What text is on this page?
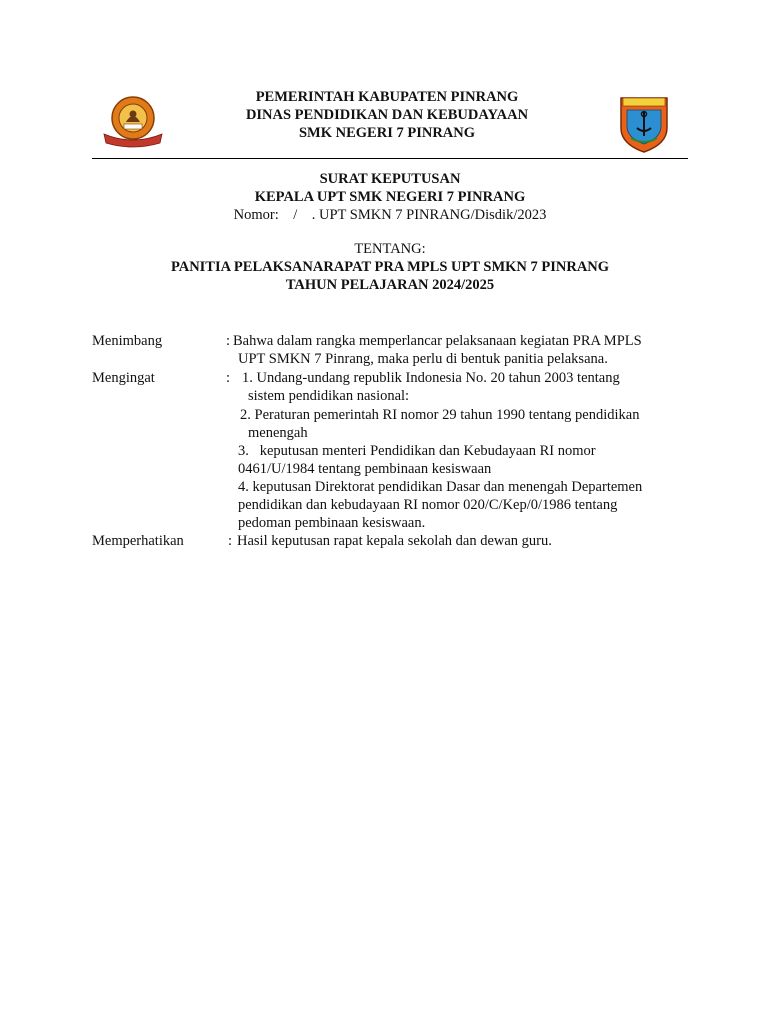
PEMERINTAH KABUPATEN PINRANG
DINAS PENDIDIKAN DAN KEBUDAYAAN
SMK NEGERI 7 PINRANG
SURAT KEPUTUSAN
KEPALA UPT SMK NEGERI 7 PINRANG
Nomor:    /    . UPT SMKN 7 PINRANG/Disdik/2023
TENTANG:
PANITIA PELAKSANARAPAT PRA MPLS UPT SMKN 7 PINRANG
TAHUN PELAJARAN 2024/2025
Menimbang	: Bahwa dalam rangka memperlancar pelaksanaan kegiatan PRA MPLS
UPT SMKN 7 Pinrang, maka perlu di bentuk panitia pelaksana.
Mengingat	: 1. Undang-undang republik Indonesia No. 20 tahun 2003 tentang
sistem pendidikan nasional:
2. Peraturan pemerintah RI nomor 29 tahun 1990 tentang pendidikan
menengah
3.   keputusan menteri Pendidikan dan Kebudayaan RI nomor
0461/U/1984 tentang pembinaan kesiswaan
4. keputusan Direktorat pendidikan Dasar dan menengah Departemen
pendidikan dan kebudayaan RI nomor 020/C/Kep/0/1986 tentang
pedoman pembinaan kesiswaan.
Memperhatikan	: Hasil keputusan rapat kepala sekolah dan dewan guru.
